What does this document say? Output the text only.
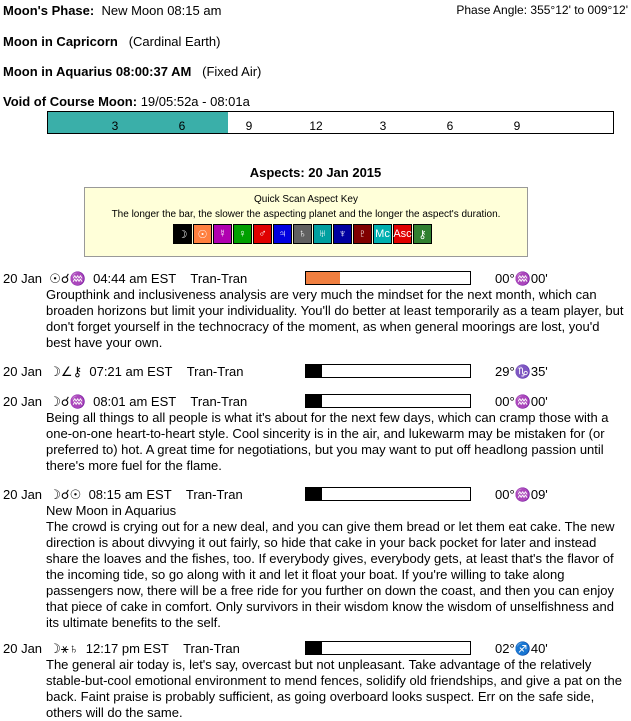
Moon's Phase: New Moon 08:15 am	Phase Angle: 355°12' to 009°12'
Moon in Capricorn (Cardinal Earth)
Moon in Aquarius 08:00:37 AM (Fixed Air)
Void of Course Moon: 19/05:52a - 08:01a
3	6	9	12	3	6	9
Aspects: 20 Jan 2015
Quick Scan Aspect Key
The longer the bar, the slower the aspecting planet and the longer the aspect's duration.
☽ ☉ ☿	♀	♂	♃	♄	♅	♆	♇ Mc Asc ⚷
20 Jan ☉☌♒ 04:44 am EST Tran-Tran	00°♒00'
Groupthink and inclusiveness analysis are very much the mindset for the next month, which can broaden horizons but limit your individuality. You'll do better at least temporarily as a team player, but don't forget yourself in the technocracy of the moment, as when general moorings are lost, you'd best have your own.
20 Jan ☽∠⚷ 07:21 am EST Tran-Tran	29°♑35'
20 Jan ☽☌♒ 08:01 am EST Tran-Tran	00°♒00'
Being all things to all people is what it's about for the next few days, which can cramp those with a one-on-one heart-to-heart style. Cool sincerity is in the air, and lukewarm may be mistaken for (or preferred to) hot. A great time for negotiations, but you may want to put off headlong passion until there's more fuel for the flame.
20 Jan ☽☌☉ 08:15 am EST Tran-Tran	00°♒09'
New Moon in Aquarius
The crowd is crying out for a new deal, and you can give them bread or let them eat cake. The new direction is about divvying it out fairly, so hide that cake in your back pocket for later and instead share the loaves and the fishes, too. If everybody gives, everybody gets, at least that's the flavor of the incoming tide, so go along with it and let it float your boat. If you're willing to take along passengers now, there will be a free ride for you further on down the coast, and then you can enjoy that piece of cake in comfort. Only survivors in their wisdom know the wisdom of unselfishness and its ultimate benefits to the self.
20 Jan ☽⚹♄ 12:17 pm EST Tran-Tran	02°♐40'
The general air today is, let's say, overcast but not unpleasant. Take advantage of the relatively stable-but-cool emotional environment to mend fences, solidify old friendships, and give a pat on the back. Faint praise is probably sufficient, as going overboard looks suspect. Err on the safe side, others will do the same.
